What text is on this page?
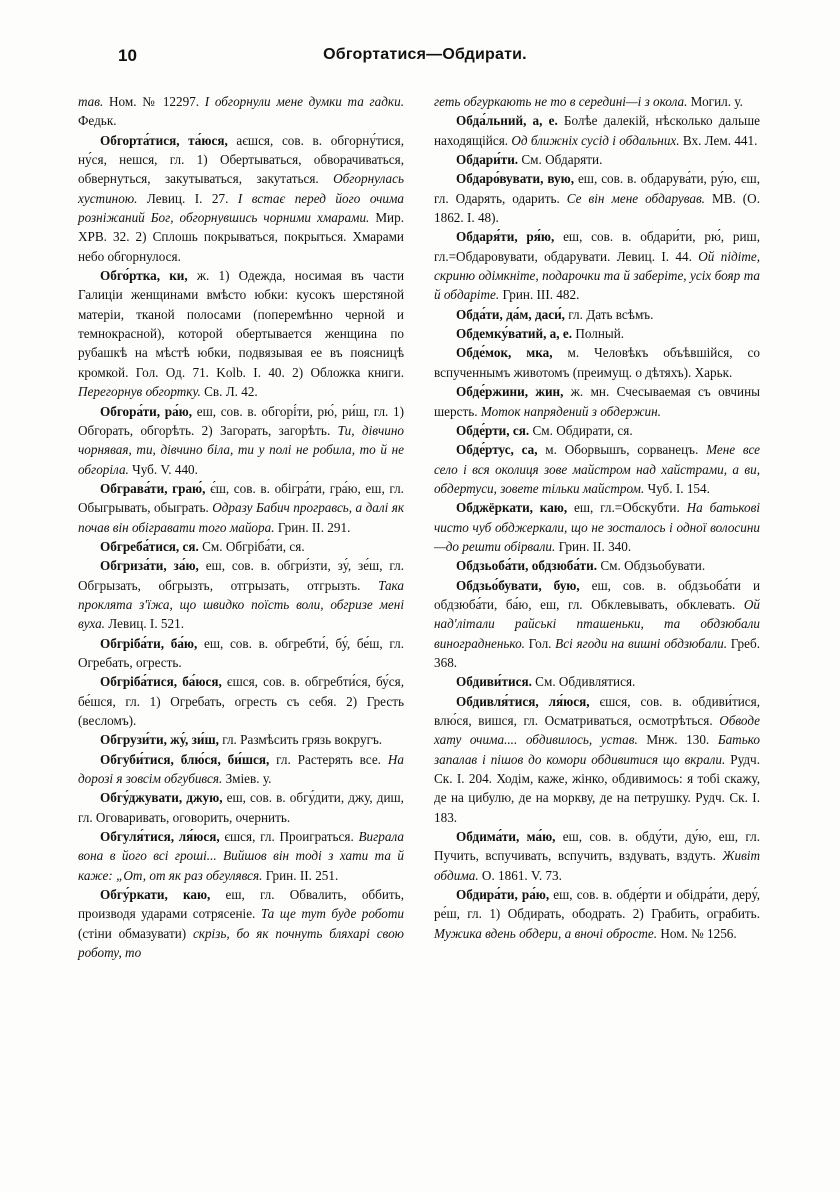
10	Обгортатися—Обдирати.

тав. Ном. № 12297. І обгорнули мене думки та гадки. Федьк.

Обгорта́тися, та́юся, аєшся, сов. в. обгорну́тися, ну́ся, нешся, гл. 1) Обертываться, обворачиваться, обвернуться, закутываться, закутаться. Обгорнулась хустиною. Левиц. І. 27. І встає перед його очима розніжаний Бог, обгорнувшись чорними хмарами. Мир. ХРВ. 32. 2) Сплошь покрываться, покрыться. Хмарами небо обгорнулося.

Обго́ртка, ки, ж. 1) Одежда, носимая въ части Галиціи женщинами вмѣсто юбки: кусокъ шерстяной матеріи, тканой полосами (поперемѣнно черной и темнокрасной), которой обертывается женщина по рубашкѣ на мѣстѣ юбки, подвязывая ее въ поясницѣ кромкой. Гол. Од. 71. Kolb. І. 40. 2) Обложка книги. Перегорнув обгортку. Св. Л. 42.

Обгора́ти, ра́ю, еш, сов. в. обгорі́ти, рю́, ри́ш, гл. 1) Обгорать, обгорѣть. 2) Загорать, загорѣть. Ти, дівчино чорнявая, ти, дівчино біла, ти у полі не робила, то й не обгоріла. Чуб. V. 440.

Обграва́ти, граю́, є́ш, сов. в. обігра́ти, гра́ю, еш, гл. Обыгрывать, обыграть. Одразу Бабич програвсь, а далі як почав він обігравати того майора. Грин. II. 291.

Обгреба́тися, ся. См. Обгріба́ти, ся.

Обгриза́ти, за́ю, еш, сов. в. обгри́зти, зу́, зе́ш, гл. Обгрызать, обгрызть, отгрызать, отгрызть. Така проклята з'їжа, що швидко поїсть воли, обгризе мені вуха. Левиц. І. 521.

Обгріба́ти, ба́ю, еш, сов. в. обгребти́, бу́, бе́ш, гл. Огребать, огресть.

Обгріба́тися, ба́юся, єшся, сов. в. обгребти́ся, бу́ся, бе́шся, гл. 1) Огребать, огресть съ себя. 2) Гресть (весломъ).

Обгрузи́ти, жу́, зи́ш, гл. Размѣсить грязь вокругъ.

Обгуби́тися, блю́ся, би́шся, гл. Растерять все. На дорозі я зовсім обгубився. Зміев. у.

Обгу́джувати, джую, еш, сов. в. обгу́дити, джу, диш, гл. Оговаривать, оговорить, очернить.

Обгуля́тися, ля́юся, єшся, гл. Проиграться. Виграла вона в його всі гроші... Вийшов він тоді з хати та й каже: „От, от як раз обгулявся. Грин. II. 251.

Обгу́ркати, каю, еш, гл. Обвалить, оббить, производя ударами сотрясеніе. Та ще тут буде роботи (стіни обмазувати) скрізь, бо як почнуть бляхарі свою роботу, то

геть обгуркають не то в середині—і з окола. Могил. у.

Обда́льний, а, е. Болѣе далекій, нѣсколько дальше находящійся. Од ближніх сусід і обдальних. Вх. Лем. 441.

Обдари́ти. См. Обдаряти.

Обдаро́вувати, вую, еш, сов. в. обдарува́ти, ру́ю, єш, гл. Одарять, одарить. Се він мене обдарував. МВ. (О. 1862. І. 48).

Обдаря́ти, ря́ю, еш, сов. в. обдари́ти, рю́, риш, гл.=Обдаровувати, обдарувати. Левиц. І. 44. Ой підіте, скриню одімкніте, подарочки та й заберіте, усіх бояр та й обдаріте. Грин. III. 482.

Обда́ти, да́м, даси́, гл. Дать всѣмъ.

Обдемку́ватий, а, е. Полный.

Обде́мок, мка, м. Человѣкъ объѣвшійся, со вспученнымъ животомъ (преимущ. о дѣтяхъ). Харьк.

Обде́ржини, жин, ж. мн. Счесываемая съ овчины шерсть. Моток напрядений з обдержин.

Обде́рти, ся. См. Обдирати, ся.

Обде́ртус, са, м. Оборвышъ, сорванецъ. Мене все село і вся околиця зове майстром над хайстрами, а ви, обдертуси, зовете тільки майстром. Чуб. І. 154.

Обджёркати, каю, еш, гл.=Обскубти. На батькові чисто чуб обджеркали, що не зосталось і одної волосини—до решти обірвали. Грин. II. 340.

Обдзьоба́ти, обдзюба́ти. См. Обдзьобувати.

Обдзьо́бувати, бую, еш, сов. в. обдзьоба́ти и обдзюба́ти, ба́ю, еш, гл. Обклевывать, обклевать. Ой над'літали райські пташеньки, та обдзюбали виноградненько. Гол. Всі ягоди на вишні обдзюбали. Греб. 368.

Обдиви́тися. См. Обдивлятися.

Обдивля́тися, ля́юся, єшся, сов. в. обдиви́тися, влю́ся, вишся, гл. Осматриваться, осмотрѣться. Обводе хату очима.... обдивилось, устав. Мнж. 130. Батько запалав і пішов до комори обдивитися що вкрали. Рудч. Ск. І. 204. Ходім, каже, жінко, обдивимось: я тобі скажу, де на цибулю, де на моркву, де на петрушку. Рудч. Ск. І. 183.

Обдима́ти, ма́ю, еш, сов. в. обду́ти, ду́ю, еш, гл. Пучить, вспучивать, вспучить, вздувать, вздуть. Живіт обдима. О. 1861. V. 73.

Обдира́ти, ра́ю, еш, сов. в. обде́рти и обідра́ти, деру́, ре́ш, гл. 1) Обдирать, ободрать. 2) Грабить, ограбить. Мужика вдень обдери, а вночі обросте. Ном. № 1256.
